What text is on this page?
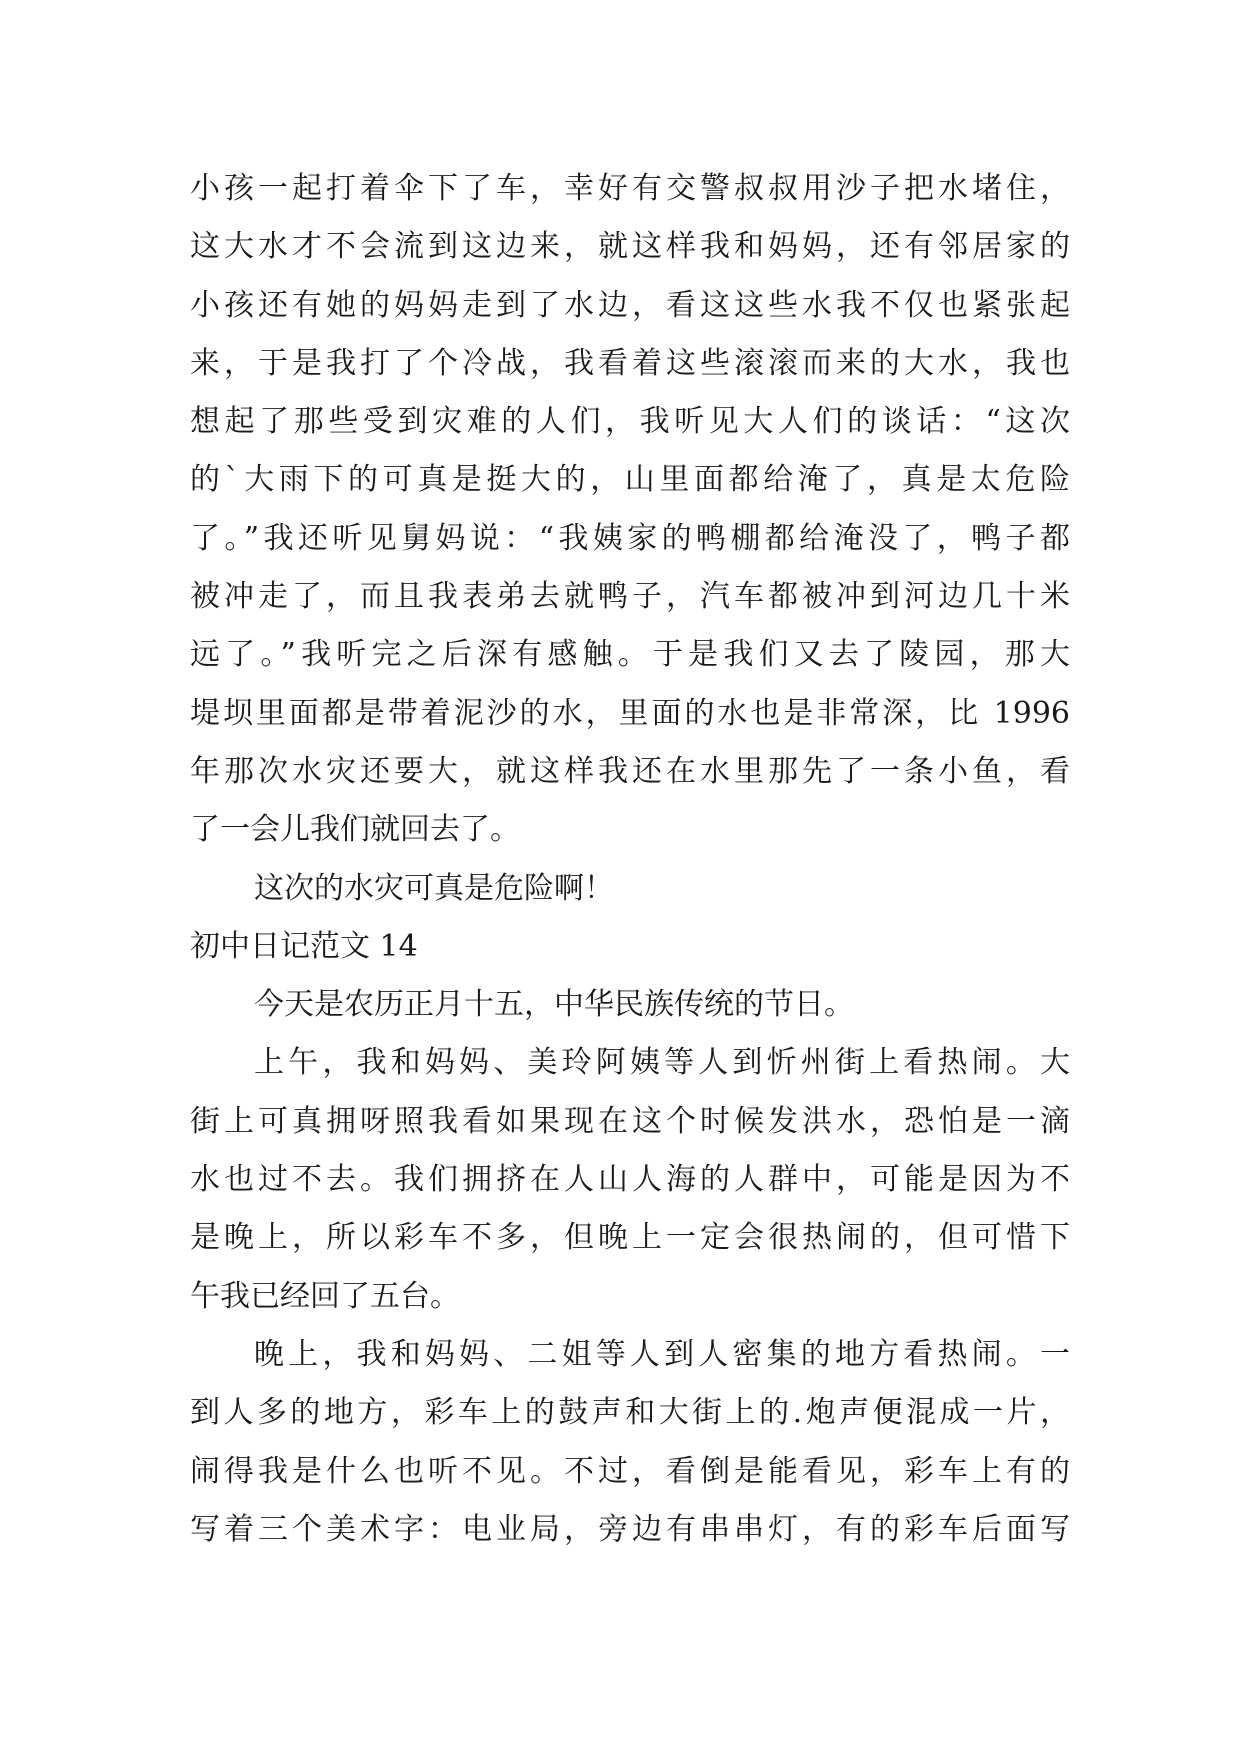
小孩一起打着伞下了车，幸好有交警叔叔用沙子把水堵住，
这大水才不会流到这边来，就这样我和妈妈，还有邻居家的
小孩还有她的妈妈走到了水边，看这这些水我不仅也紧张起
来，于是我打了个冷战，我看着这些滚滚而来的大水，我也
想起了那些受到灾难的人们，我听见大人们的谈话：“这次
的`大雨下的可真是挺大的，山里面都给淹了，真是太危险
了。”我还听见舅妈说：“我姨家的鸭棚都给淹没了，鸭子都
被冲走了，而且我表弟去就鸭子，汽车都被冲到河边几十米
远了。”我听完之后深有感触。于是我们又去了陵园，那大
堤坝里面都是带着泥沙的水，里面的水也是非常深，比 1996
年那次水灾还要大，就这样我还在水里那先了一条小鱼，看
了一会儿我们就回去了。
这次的水灾可真是危险啊！
初中日记范文 14
今天是农历正月十五，中华民族传统的节日。
上午，我和妈妈、美玲阿姨等人到忻州街上看热闹。大
街上可真拥呀照我看如果现在这个时候发洪水，恐怕是一滴
水也过不去。我们拥挤在人山人海的人群中，可能是因为不
是晚上，所以彩车不多，但晚上一定会很热闹的，但可惜下
午我已经回了五台。
晚上，我和妈妈、二姐等人到人密集的地方看热闹。一
到人多的地方，彩车上的鼓声和大街上的.炮声便混成一片，
闹得我是什么也听不见。不过，看倒是能看见，彩车上有的
写着三个美术字：电业局，旁边有串串灯，有的彩车后面写
